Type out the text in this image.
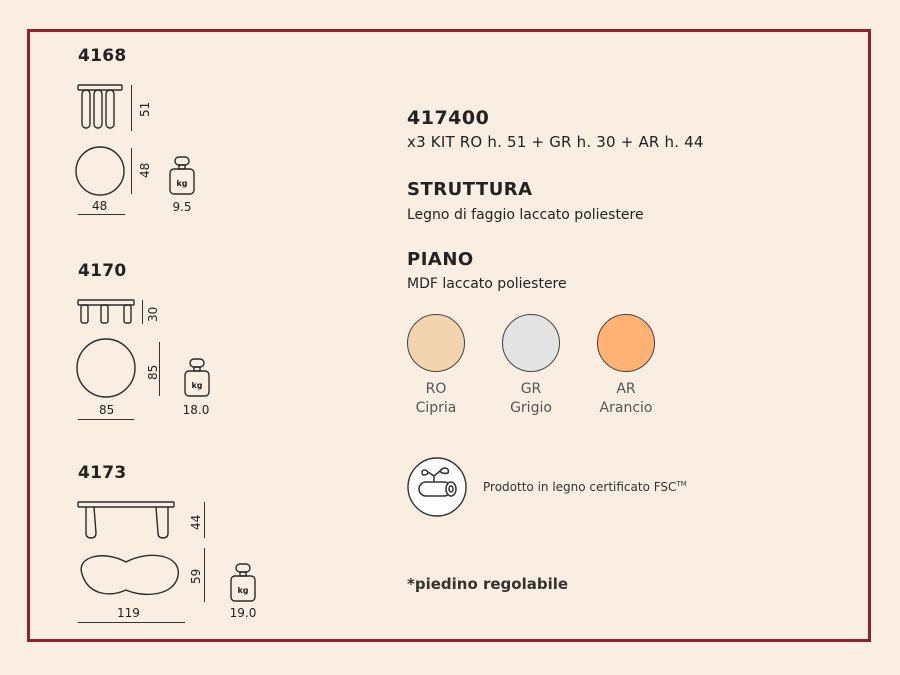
4168
51
48
48
kg
9.5
4170
30
85
85
kg
18.0
4173
44
59
119
kg
19.0
417400
x3 KIT RO h. 51 + GR h. 30 + AR h. 44
STRUTTURA
Legno di faggio laccato poliestere
PIANO
MDF laccato poliestere
RO
Cipria
GR
Grigio
AR
Arancio
Prodotto in legno certificato FSC™
*piedino regolabile
